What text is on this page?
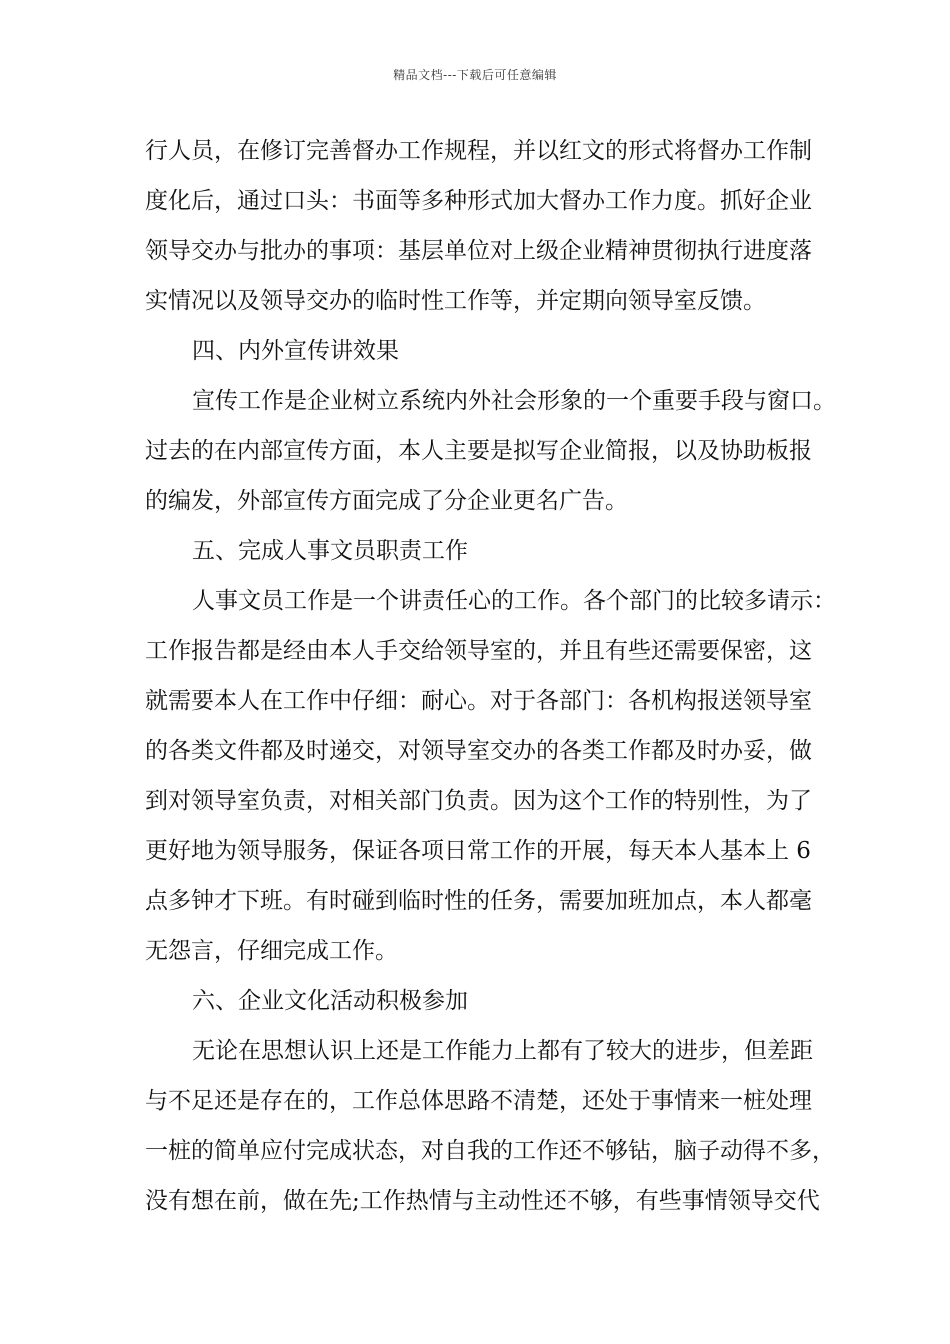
精品文档---下载后可任意编辑
行人员，在修订完善督办工作规程，并以红文的形式将督办工作制
度化后，通过口头：书面等多种形式加大督办工作力度。抓好企业
领导交办与批办的事项：基层单位对上级企业精神贯彻执行进度落
实情况以及领导交办的临时性工作等，并定期向领导室反馈。
四、内外宣传讲效果
宣传工作是企业树立系统内外社会形象的一个重要手段与窗口。
过去的在内部宣传方面，本人主要是拟写企业简报，以及协助板报
的编发，外部宣传方面完成了分企业更名广告。
五、完成人事文员职责工作
人事文员工作是一个讲责任心的工作。各个部门的比较多请示：
工作报告都是经由本人手交给领导室的，并且有些还需要保密，这
就需要本人在工作中仔细：耐心。对于各部门：各机构报送领导室
的各类文件都及时递交，对领导室交办的各类工作都及时办妥，做
到对领导室负责，对相关部门负责。因为这个工作的特别性，为了
更好地为领导服务，保证各项日常工作的开展，每天本人基本上 6
点多钟才下班。有时碰到临时性的任务，需要加班加点，本人都毫
无怨言，仔细完成工作。
六、企业文化活动积极参加
无论在思想认识上还是工作能力上都有了较大的进步，但差距
与不足还是存在的，工作总体思路不清楚，还处于事情来一桩处理
一桩的简单应付完成状态，对自我的工作还不够钻，脑子动得不多，
没有想在前，做在先;工作热情与主动性还不够，有些事情领导交代
